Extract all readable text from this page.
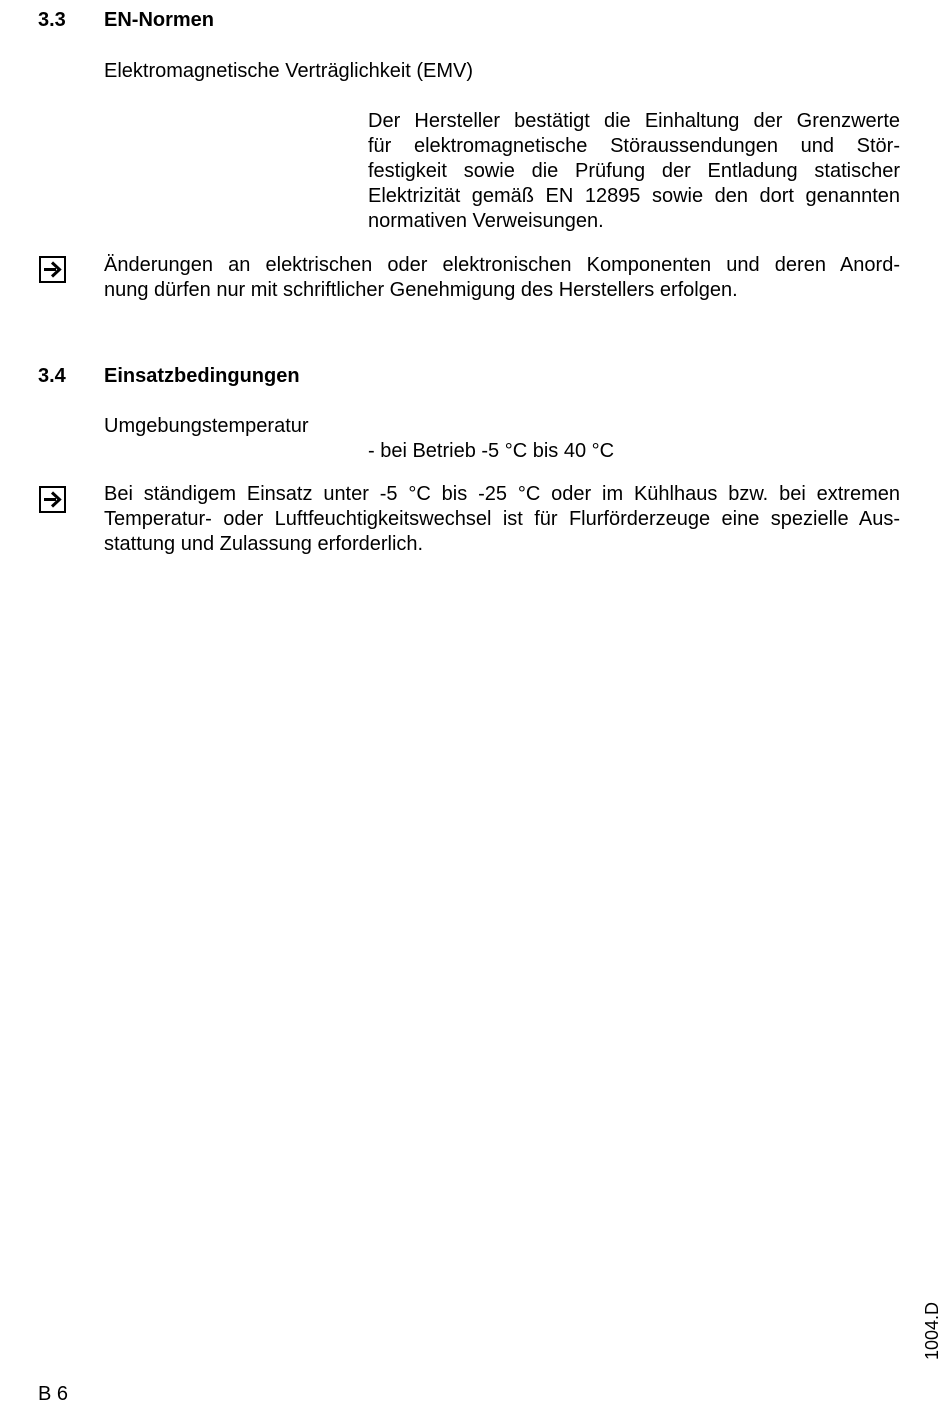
3.3 EN-Normen
Elektromagnetische Verträglichkeit (EMV)
Der Hersteller bestätigt die Einhaltung der Grenzwerte
für elektromagnetische Störaussendungen und Stör-
festigkeit sowie die Prüfung der Entladung statischer
Elektrizität gemäß EN 12895 sowie den dort genannten
normativen Verweisungen.
Änderungen an elektrischen oder elektronischen Komponenten und deren Anord-
nung dürfen nur mit schriftlicher Genehmigung des Herstellers erfolgen.
3.4 Einsatzbedingungen
Umgebungstemperatur
- bei Betrieb -5 °C bis 40 °C
Bei ständigem Einsatz unter -5 °C bis -25 °C oder im Kühlhaus bzw. bei extremen
Temperatur- oder Luftfeuchtigkeitswechsel ist für Flurförderzeuge eine spezielle Aus-
stattung und Zulassung erforderlich.
1004.D
B 6
